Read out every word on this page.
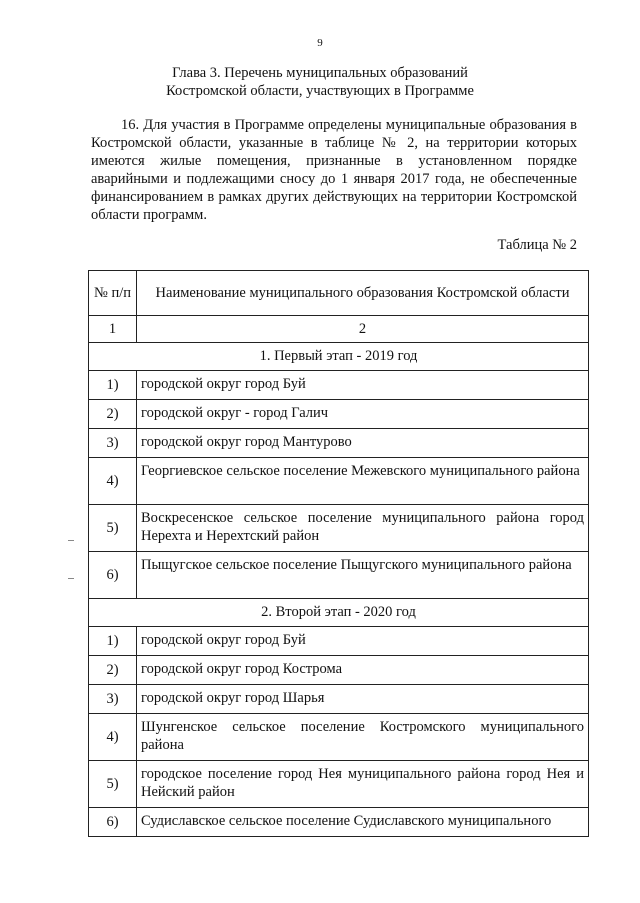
9
Глава 3. Перечень муниципальных образований
Костромской области, участвующих в Программе

16. Для участия в Программе определены муниципальные образования в Костромской области, указанные в таблице № 2, на территории которых имеются жилые помещения, признанные в установленном порядке аварийными и подлежащими сносу до 1 января 2017 года, не обеспеченные финансированием в рамках других действующих на территории Костромской области программ.

Таблица № 2
№ п/п	Наименование муниципального образования Костромской области
1	2
1. Первый этап - 2019 год	
1)	городской округ город Буй
2)	городской округ - город Галич
3)	городской округ город Мантурово
4)	Георгиевское сельское поселение Межевского муниципального района
5)	Воскресенское сельское поселение муниципального района город Нерехта и Нерехтский район
6)	Пыщугское сельское поселение Пыщугского муниципального района
2. Второй этап - 2020 год	
1)	городской округ город Буй
2)	городской округ город Кострома
3)	городской округ город Шарья
4)	Шунгенское сельское поселение Костромского муниципального района
5)	городское поселение город Нея муниципального района город Нея и Нейский район
6)	Судиславское сельское поселение Судиславского муниципального
